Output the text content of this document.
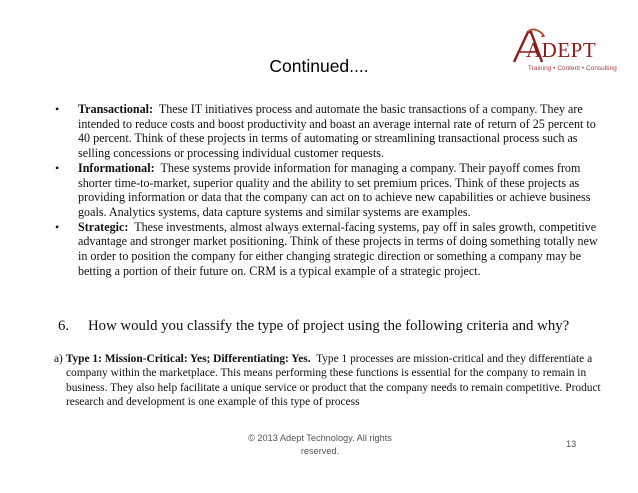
ADEPT
Training • Content • Consulting
Continued....
• Transactional: These IT initiatives process and automate the basic transactions of a company. They are intended to reduce costs and boost productivity and boast an average internal rate of return of 25 percent to 40 percent. Think of these projects in terms of automating or streamlining transactional process such as selling concessions or processing individual customer requests.
• Informational: These systems provide information for managing a company. Their payoff comes from shorter time-to-market, superior quality and the ability to set premium prices. Think of these projects as providing information or data that the company can act on to achieve new capabilities or achieve business goals. Analytics systems, data capture systems and similar systems are examples.
• Strategic: These investments, almost always external-facing systems, pay off in sales growth, competitive advantage and stronger market positioning. Think of these projects in terms of doing something totally new in order to position the company for either changing strategic direction or something a company may be betting a portion of their future on. CRM is a typical example of a strategic project.
6. How would you classify the type of project using the following criteria and why?
a) Type 1: Mission-Critical: Yes; Differentiating: Yes. Type 1 processes are mission-critical and they differentiate a company within the marketplace. This means performing these functions is essential for the company to remain in business. They also help facilitate a unique service or product that the company needs to remain competitive. Product research and development is one example of this type of process
© 2013 Adept Technology. All rights
reserved.
13
